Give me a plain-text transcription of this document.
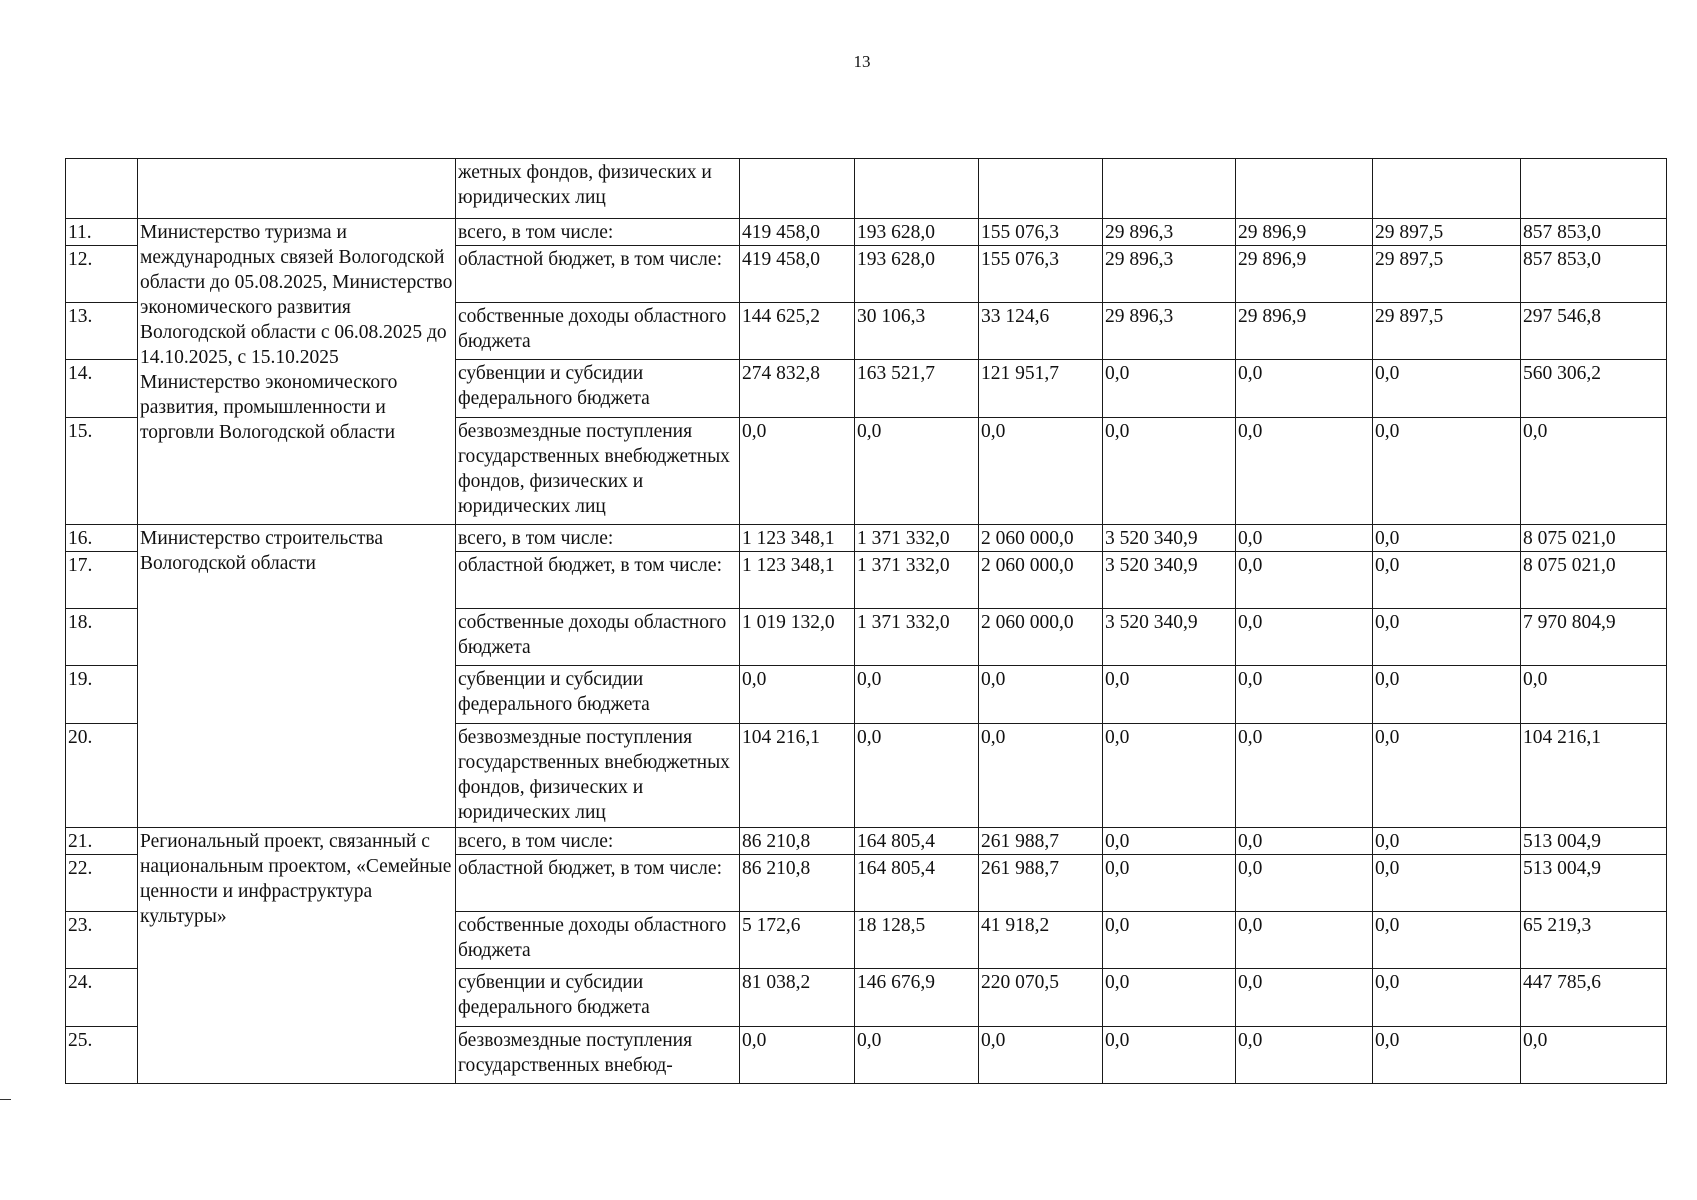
13
		жетных фондов, физических и юридических лиц							
11.	Министерство туризма и международных связей Вологодской области до 05.08.2025, Министерство экономического развития Вологодской области с 06.08.2025 до 14.10.2025, с 15.10.2025 Министерство экономического развития, промышленности и торговли Вологодской области	всего, в том числе:	419 458,0	193 628,0	155 076,3	29 896,3	29 896,9	29 897,5	857 853,0
12.		областной бюджет, в том числе:	419 458,0	193 628,0	155 076,3	29 896,3	29 896,9	29 897,5	857 853,0
13.		собственные доходы областного бюджета	144 625,2	30 106,3	33 124,6	29 896,3	29 896,9	29 897,5	297 546,8
14.		субвенции и субсидии федерального бюджета	274 832,8	163 521,7	121 951,7	0,0	0,0	0,0	560 306,2
15.		безвозмездные поступления государственных внебюджетных фондов, физических и юридических лиц	0,0	0,0	0,0	0,0	0,0	0,0	0,0
16.	Министерство строительства Вологодской области	всего, в том числе:	1 123 348,1	1 371 332,0	2 060 000,0	3 520 340,9	0,0	0,0	8 075 021,0
17.		областной бюджет, в том числе:	1 123 348,1	1 371 332,0	2 060 000,0	3 520 340,9	0,0	0,0	8 075 021,0
18.		собственные доходы областного бюджета	1 019 132,0	1 371 332,0	2 060 000,0	3 520 340,9	0,0	0,0	7 970 804,9
19.		субвенции и субсидии федерального бюджета	0,0	0,0	0,0	0,0	0,0	0,0	0,0
20.		безвозмездные поступления государственных внебюджетных фондов, физических и юридических лиц	104 216,1	0,0	0,0	0,0	0,0	0,0	104 216,1
21.	Региональный проект, связанный с национальным проектом, «Семейные ценности и инфраструктура культуры»	всего, в том числе:	86 210,8	164 805,4	261 988,7	0,0	0,0	0,0	513 004,9
22.		областной бюджет, в том числе:	86 210,8	164 805,4	261 988,7	0,0	0,0	0,0	513 004,9
23.		собственные доходы областного бюджета	5 172,6	18 128,5	41 918,2	0,0	0,0	0,0	65 219,3
24.		субвенции и субсидии федерального бюджета	81 038,2	146 676,9	220 070,5	0,0	0,0	0,0	447 785,6
25.		безвозмездные поступления государственных внебюд-	0,0	0,0	0,0	0,0	0,0	0,0	0,0
